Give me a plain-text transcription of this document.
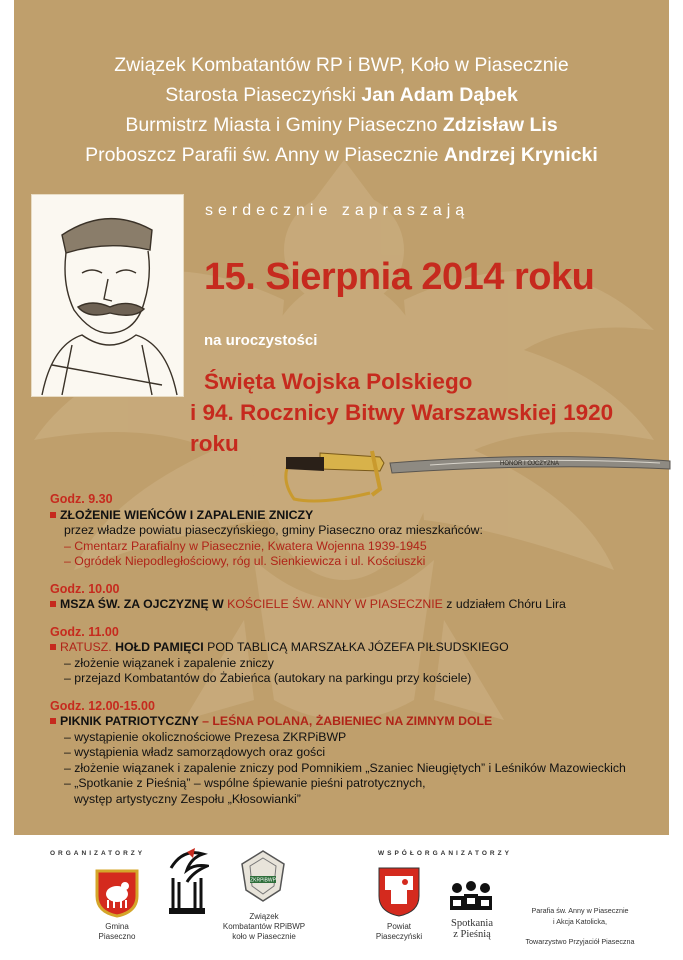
Związek Kombatantów RP i BWP, Koło w Piasecznie
Starosta Piaseczyński Jan Adam Dąbek
Burmistrz Miasta i Gminy Piaseczno Zdzisław Lis
Proboszcz Parafii św. Anny w Piasecznie Andrzej Krynicki
serdecznie zapraszają
15. Sierpnia 2014 roku
na uroczystości
Święta Wojska Polskiego
i 94. Rocznicy Bitwy Warszawskiej 1920 roku
HONOR I OJCZYZNA
Godz. 9.30
ZŁOŻENIE WIEŃCÓW I ZAPALENIE ZNICZY
przez władze powiatu piaseczyńskiego, gminy Piaseczno oraz mieszkańców:
– Cmentarz Parafialny w Piasecznie, Kwatera Wojenna 1939-1945
– Ogródek Niepodległościowy, róg ul. Sienkiewicza i ul. Kościuszki
Godz. 10.00
MSZA ŚW. ZA OJCZYZNĘ W KOŚCIELE ŚW. ANNY W PIASECZNIE z udziałem Chóru Lira
Godz. 11.00
RATUSZ. HOŁD PAMIĘCI POD TABLICĄ MARSZAŁKA JÓZEFA PIŁSUDSKIEGO
– złożenie wiązanek i zapalenie zniczy
– przejazd Kombatantów do Żabieńca (autokary na parkingu przy kościele)
Godz. 12.00-15.00
PIKNIK PATRIOTYCZNY – LEŚNA POLANA, ŻABIENIEC NA ZIMNYM DOLE
– wystąpienie okolicznościowe Prezesa ZKRPiBWP
– wystąpienia władz samorządowych oraz gości
– złożenie wiązanek i zapalenie zniczy pod Pomnikiem „Szaniec Nieugiętych” i Leśników Mazowieckich
– „Spotkanie z Pieśnią” – wspólne śpiewanie pieśni patrotycznych,
występ artystyczny Zespołu „Kłosowianki”
ORGANIZATORZY	WSPÓŁORGANIZATORZY
Gmina
Piaseczno
ZKRPiBWP
Związek
Kombatantów RPiBWP
koło w Piasecznie
Powiat
Piaseczyński
Spotkania
z Pieśnią
Parafia św. Anny w Piasecznie
i Akcja Katolicka,
Towarzystwo Przyjaciół Piaseczna
